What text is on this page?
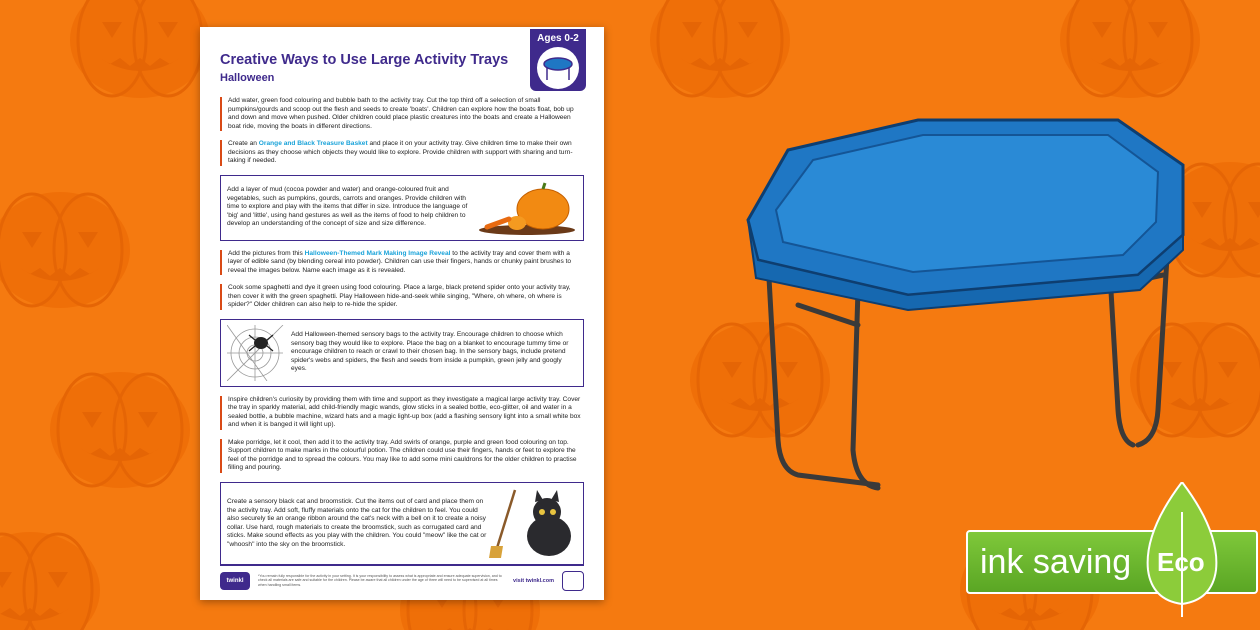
Creative Ways to Use Large Activity Trays
Halloween
Ages 0-2
Add water, green food colouring and bubble bath to the activity tray. Cut the top third off a selection of small pumpkins/gourds and scoop out the flesh and seeds to create 'boats'. Children can explore how the boats float, bob up and down and move when pushed. Older children could place plastic creatures into the boats and create a Halloween boat ride, moving the boats in different directions.
Create an Orange and Black Treasure Basket and place it on your activity tray. Give children time to make their own decisions as they choose which objects they would like to explore. Provide children with support with sharing and turn-taking if needed.
Add a layer of mud (cocoa powder and water) and orange-coloured fruit and vegetables, such as pumpkins, gourds, carrots and oranges. Provide children with time to explore and play with the items that differ in size. Introduce the language of 'big' and 'little', using hand gestures as well as the items of food to help children to develop an understanding of the concept of size and size difference.
Add the pictures from this Halloween-Themed Mark Making Image Reveal to the activity tray and cover them with a layer of edible sand (by blending cereal into powder). Children can use their fingers, hands or chunky paint brushes to reveal the images below. Name each image as it is revealed.
Cook some spaghetti and dye it green using food colouring. Place a large, black pretend spider onto your activity tray, then cover it with the green spaghetti. Play Halloween hide-and-seek while singing, "Where, oh where, oh where is spider?" Older children can also help to re-hide the spider.
Add Halloween-themed sensory bags to the activity tray. Encourage children to choose which sensory bag they would like to explore. Place the bag on a blanket to encourage tummy time or encourage children to reach or crawl to their chosen bag. In the sensory bags, include pretend spider's webs and spiders, the flesh and seeds from inside a pumpkin, green jelly and googly eyes.
Inspire children's curiosity by providing them with time and support as they investigate a magical large activity tray. Cover the tray in sparkly material, add child-friendly magic wands, glow sticks in a sealed bottle, eco-glitter, oil and water in a sealed bottle, a bubble machine, wizard hats and a magic light-up box (add a flashing sensory light into a small white box and when it is banged it will light up).
Make porridge, let it cool, then add it to the activity tray. Add swirls of orange, purple and green food colouring on top. Support children to make marks in the colourful potion. The children could use their fingers, hands or feet to explore the feel of the porridge and to spread the colours. You may like to add some mini cauldrons for the older children to practise filling and pouring.
Create a sensory black cat and broomstick. Cut the items out of card and place them on the activity tray. Add soft, fluffy materials onto the cat for the children to feel. You could also securely tie an orange ribbon around the cat's neck with a bell on it to create a noisy collar. Use hard, rough materials to create the broomstick, such as corrugated card and sticks. Make sound effects as you play with the children. You could "meow" like the cat or "whoosh" into the sky on the broomstick.
twinkl
*You remain fully responsible for the activity in your setting. It is your responsibility to assess what is appropriate and ensure adequate supervision, and to check all materials are safe and suitable for the children. Please be aware that all children under the age of three will need to be supervised at all times when handling small items.
visit twinkl.com	ink saving Eco
